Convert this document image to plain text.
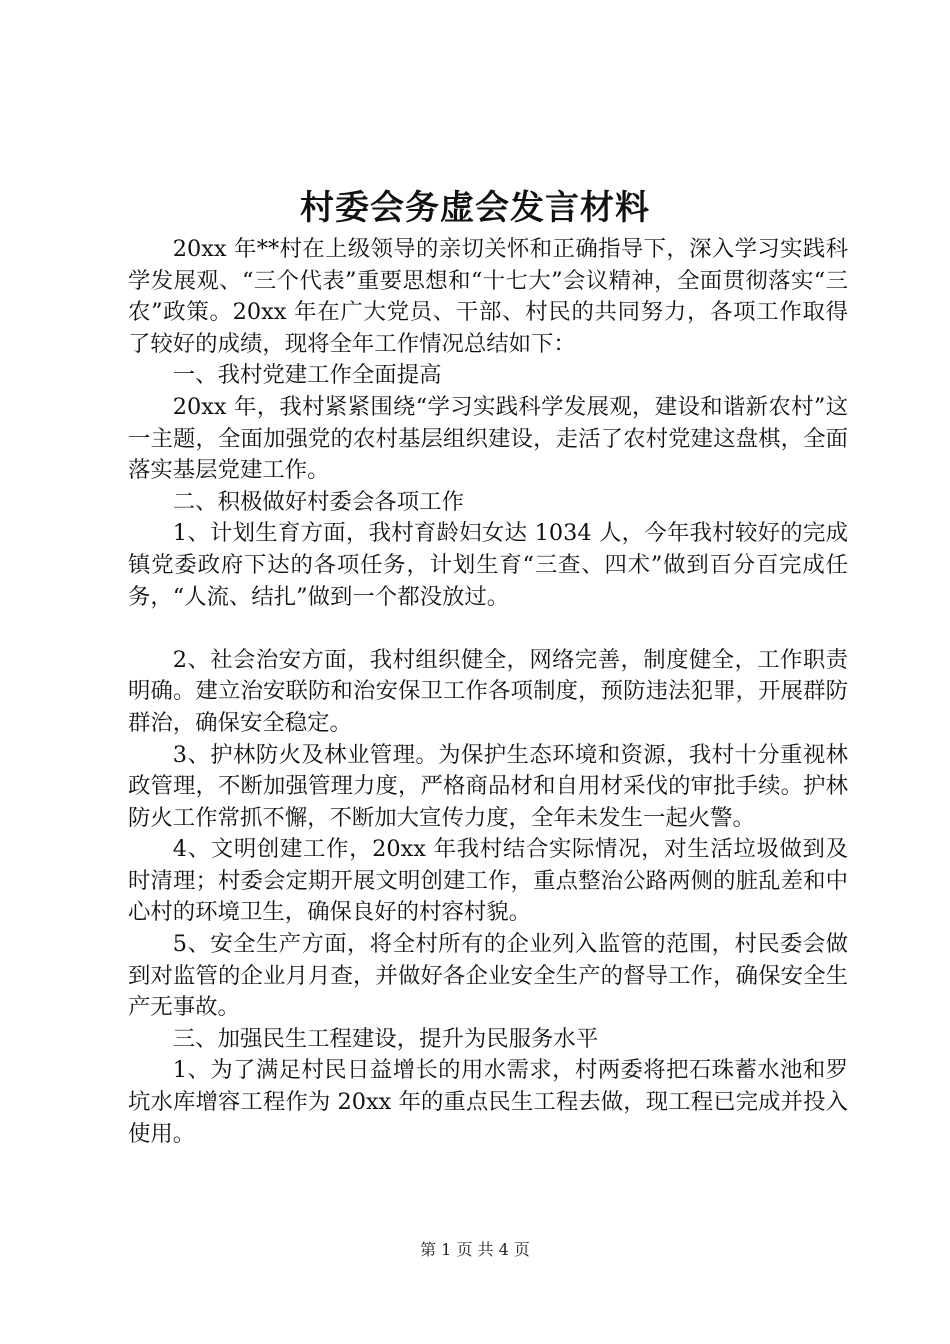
村委会务虚会发言材料

20xx 年**村在上级领导的亲切关怀和正确指导下，深入学习实践科学发展观、“三个代表”重要思想和“十七大”会议精神，全面贯彻落实“三农”政策。20xx 年在广大党员、干部、村民的共同努力，各项工作取得了较好的成绩，现将全年工作情况总结如下：

一、我村党建工作全面提高

20xx 年，我村紧紧围绕“学习实践科学发展观，建设和谐新农村”这一主题，全面加强党的农村基层组织建设，走活了农村党建这盘棋，全面落实基层党建工作。

二、积极做好村委会各项工作

1、计划生育方面，我村育龄妇女达 1034 人，今年我村较好的完成镇党委政府下达的各项任务，计划生育“三查、四术”做到百分百完成任务，“人流、结扎”做到一个都没放过。

2、社会治安方面，我村组织健全，网络完善，制度健全，工作职责明确。建立治安联防和治安保卫工作各项制度，预防违法犯罪，开展群防群治，确保安全稳定。

3、护林防火及林业管理。为保护生态环境和资源，我村十分重视林政管理，不断加强管理力度，严格商品材和自用材采伐的审批手续。护林防火工作常抓不懈，不断加大宣传力度，全年未发生一起火警。

4、文明创建工作，20xx 年我村结合实际情况，对生活垃圾做到及时清理；村委会定期开展文明创建工作，重点整治公路两侧的脏乱差和中心村的环境卫生，确保良好的村容村貌。

5、安全生产方面，将全村所有的企业列入监管的范围，村民委会做到对监管的企业月月查，并做好各企业安全生产的督导工作，确保安全生产无事故。

三、加强民生工程建设，提升为民服务水平

1、为了满足村民日益增长的用水需求，村两委将把石珠蓄水池和罗坑水库增容工程作为 20xx 年的重点民生工程去做，现工程已完成并投入使用。

第 1 页 共 4 页
